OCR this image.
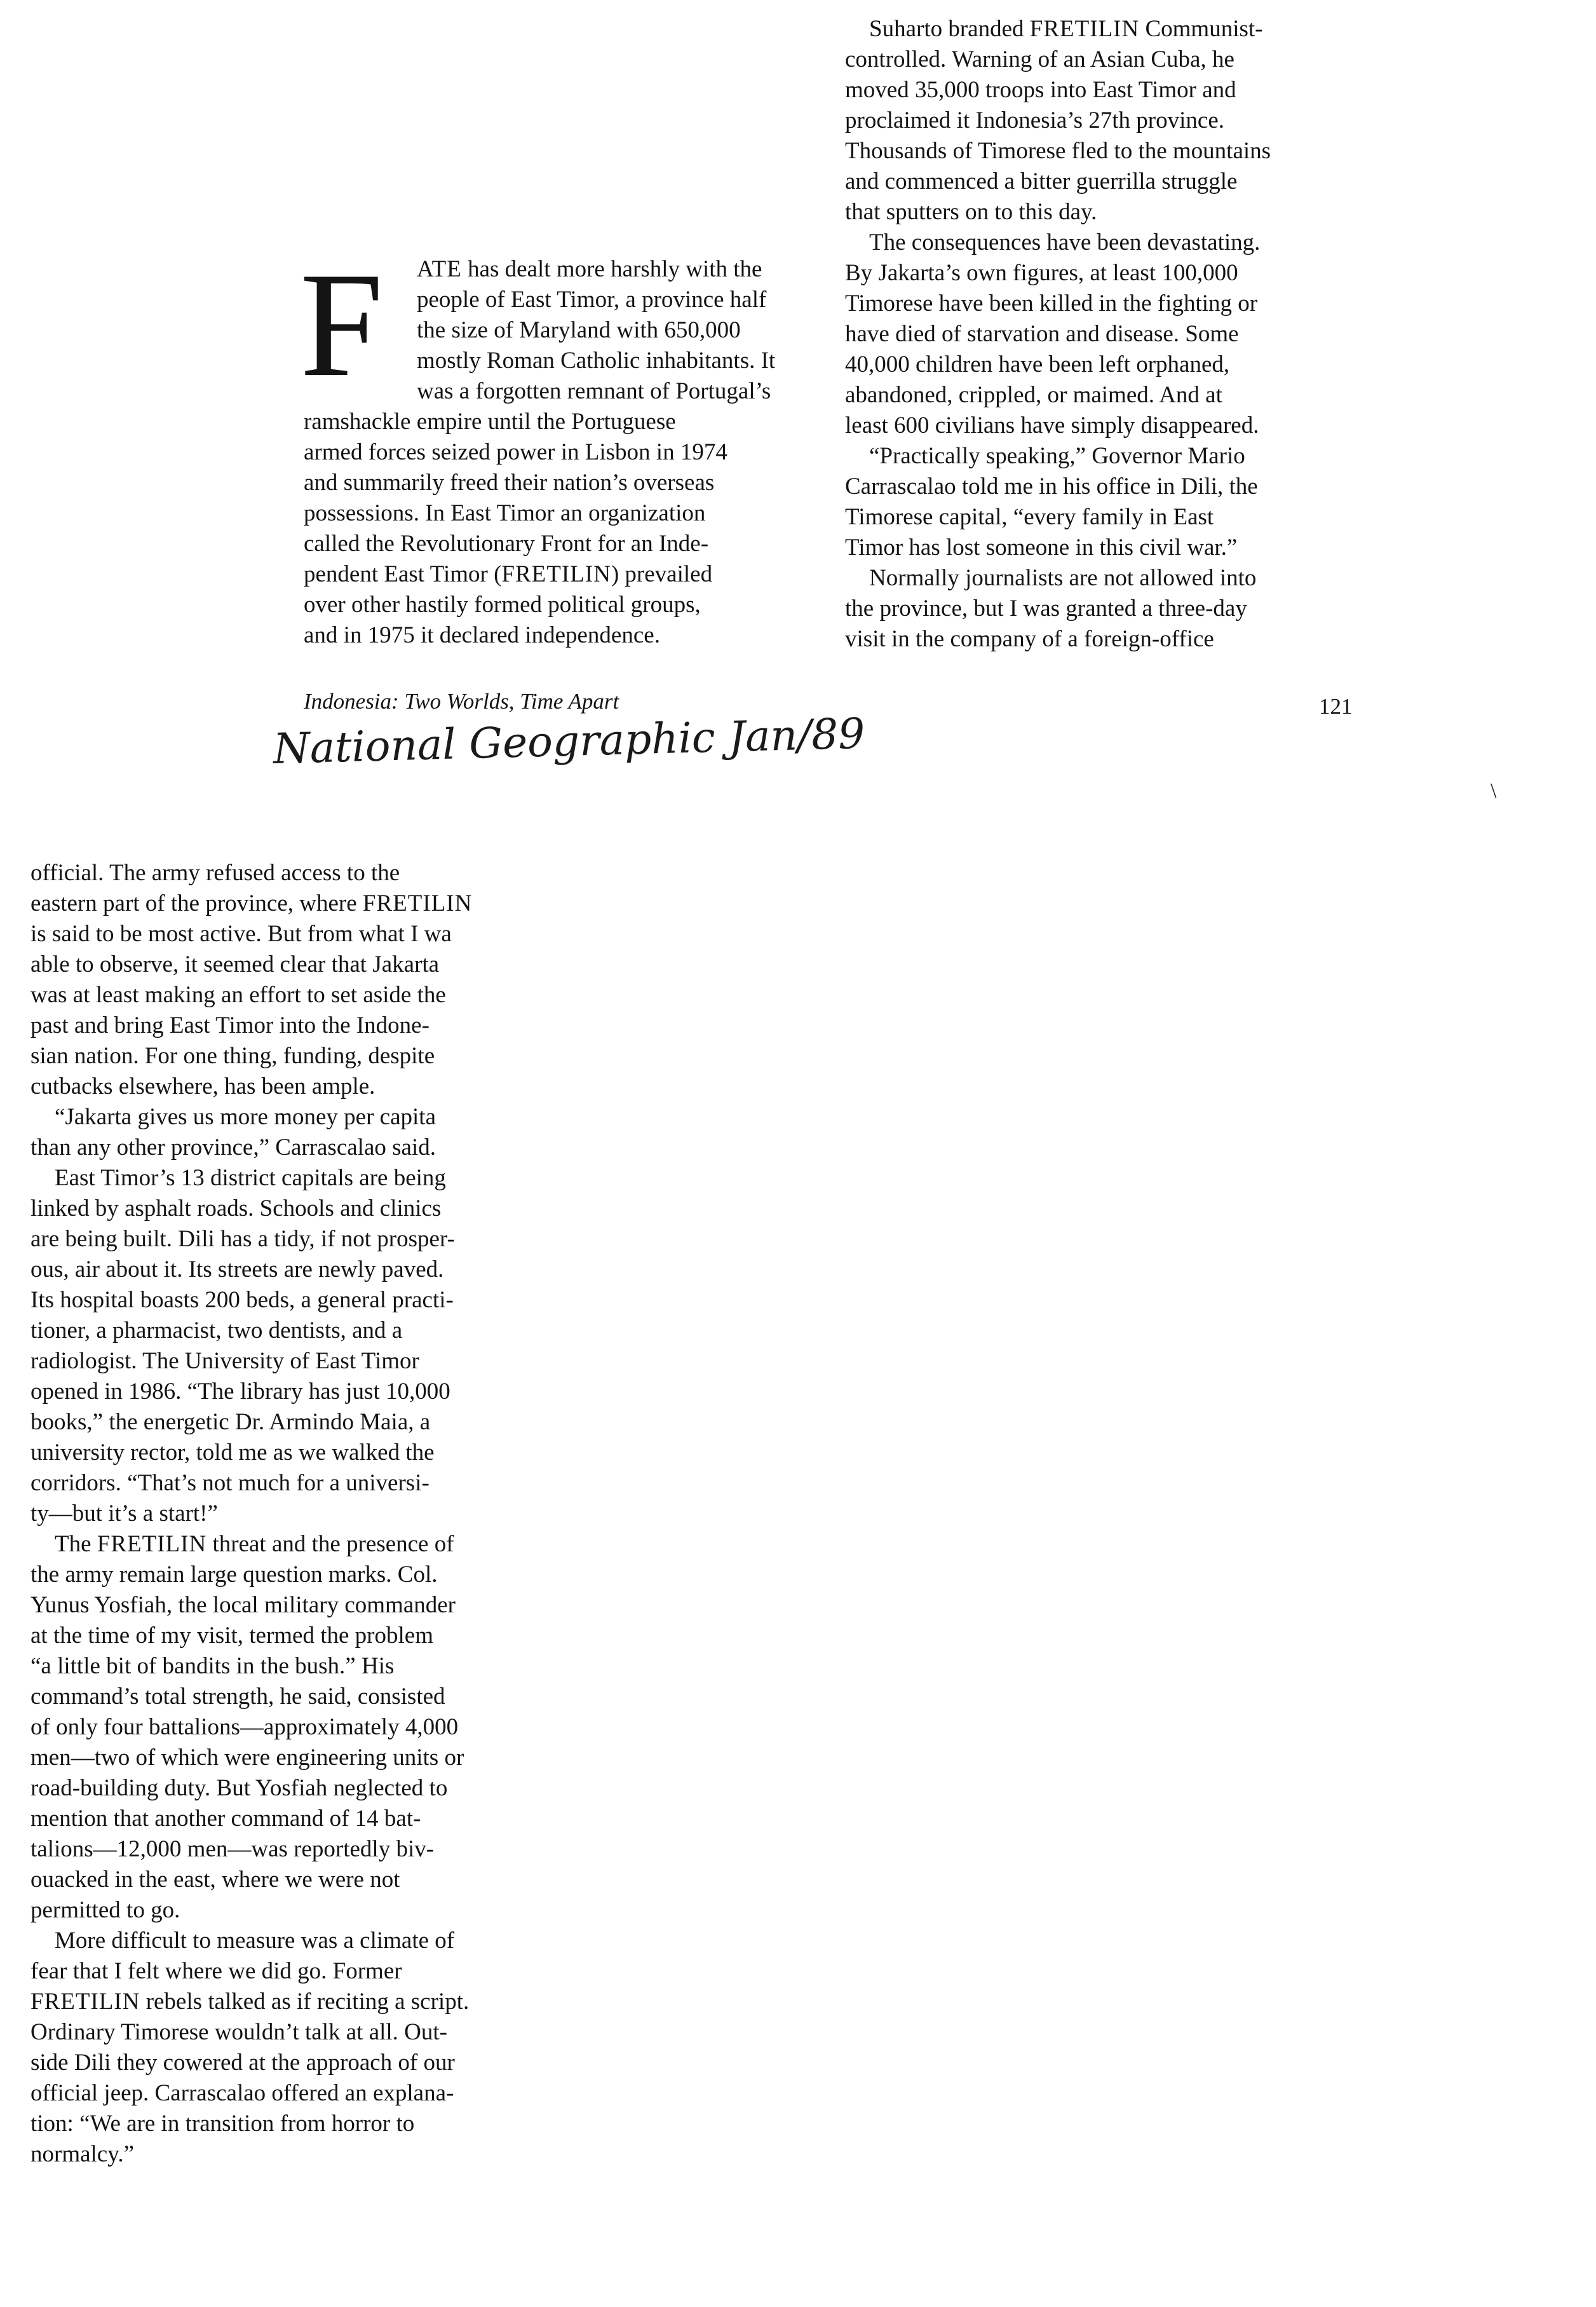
F	ATE has dealt more harshly with the
people of East Timor, a province half
the size of Maryland with 650,000
mostly Roman Catholic inhabitants. It
was a forgotten remnant of Portugal’s
ramshackle empire until the Portuguese
armed forces seized power in Lisbon in 1974
and summarily freed their nation’s overseas
possessions. In East Timor an organization
called the Revolutionary Front for an Inde-
pendent East Timor (FRETILIN) prevailed
over other hastily formed political groups,
and in 1975 it declared independence.
Suharto branded FRETILIN Communist-
controlled. Warning of an Asian Cuba, he
moved 35,000 troops into East Timor and
proclaimed it Indonesia’s 27th province.
Thousands of Timorese fled to the mountains
and commenced a bitter guerrilla struggle
that sputters on to this day.
The consequences have been devastating.
By Jakarta’s own figures, at least 100,000
Timorese have been killed in the fighting or
have died of starvation and disease. Some
40,000 children have been left orphaned,
abandoned, crippled, or maimed. And at
least 600 civilians have simply disappeared.
“Practically speaking,” Governor Mario
Carrascalao told me in his office in Dili, the
Timorese capital, “every family in East
Timor has lost someone in this civil war.”
Normally journalists are not allowed into
the province, but I was granted a three-day
visit in the company of a foreign-office
Indonesia: Two Worlds, Time Apart	121
National Geographic Jan/89
\
official. The army refused access to the
eastern part of the province, where FRETILIN
is said to be most active. But from what I wa
able to observe, it seemed clear that Jakarta
was at least making an effort to set aside the
past and bring East Timor into the Indone-
sian nation. For one thing, funding, despite
cutbacks elsewhere, has been ample.
“Jakarta gives us more money per capita
than any other province,” Carrascalao said.
East Timor’s 13 district capitals are being
linked by asphalt roads. Schools and clinics
are being built. Dili has a tidy, if not prosper-
ous, air about it. Its streets are newly paved.
Its hospital boasts 200 beds, a general practi-
tioner, a pharmacist, two dentists, and a
radiologist. The University of East Timor
opened in 1986. “The library has just 10,000
books,” the energetic Dr. Armindo Maia, a
university rector, told me as we walked the
corridors. “That’s not much for a universi-
ty—but it’s a start!”
The FRETILIN threat and the presence of
the army remain large question marks. Col.
Yunus Yosfiah, the local military commander
at the time of my visit, termed the problem
“a little bit of bandits in the bush.” His
command’s total strength, he said, consisted
of only four battalions—approximately 4,000
men—two of which were engineering units or
road-building duty. But Yosfiah neglected to
mention that another command of 14 bat-
talions—12,000 men—was reportedly biv-
ouacked in the east, where we were not
permitted to go.
More difficult to measure was a climate of
fear that I felt where we did go. Former
FRETILIN rebels talked as if reciting a script.
Ordinary Timorese wouldn’t talk at all. Out-
side Dili they cowered at the approach of our
official jeep. Carrascalao offered an explana-
tion: “We are in transition from horror to
normalcy.”
